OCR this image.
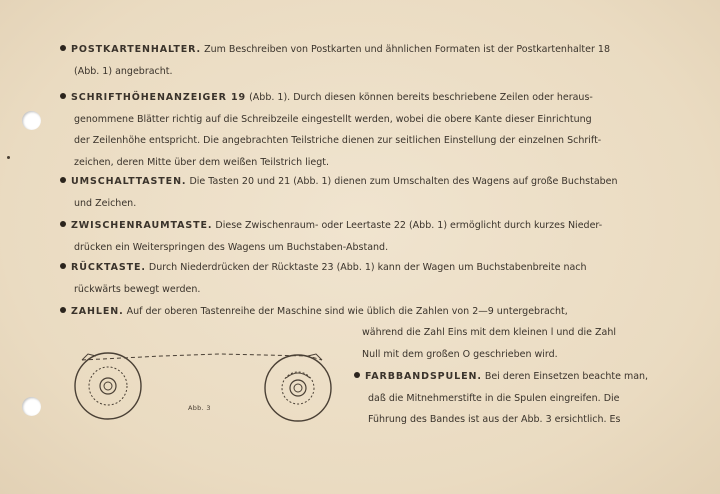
POSTKARTENHALTER. Zum Beschreiben von Postkarten und ähnlichen Formaten ist der Postkartenhalter 18
(Abb. 1) angebracht.
SCHRIFTHÖHENANZEIGER 19 (Abb. 1). Durch diesen können bereits beschriebene Zeilen oder heraus-
genommene Blätter richtig auf die Schreibzeile eingestellt werden, wobei die obere Kante dieser Einrichtung
der Zeilenhöhe entspricht. Die angebrachten Teilstriche dienen zur seitlichen Einstellung der einzelnen Schrift-
zeichen, deren Mitte über dem weißen Teilstrich liegt.
UMSCHALTTASTEN. Die Tasten 20 und 21 (Abb. 1) dienen zum Umschalten des Wagens auf große Buchstaben
und Zeichen.
ZWISCHENRAUMTASTE. Diese Zwischenraum- oder Leertaste 22 (Abb. 1) ermöglicht durch kurzes Nieder-
drücken ein Weiterspringen des Wagens um Buchstaben-Abstand.
RÜCKTASTE. Durch Niederdrücken der Rücktaste 23 (Abb. 1) kann der Wagen um Buchstabenbreite nach
rückwärts bewegt werden.
ZAHLEN. Auf der oberen Tastenreihe der Maschine sind wie üblich die Zahlen von 2—9 untergebracht,
während die Zahl Eins mit dem kleinen l und die Zahl
Null mit dem großen O geschrieben wird.
FARBBANDSPULEN. Bei deren Einsetzen beachte man,
daß die Mitnehmerstifte in die Spulen eingreifen. Die
Führung des Bandes ist aus der Abb. 3 ersichtlich. Es
Abb. 3
